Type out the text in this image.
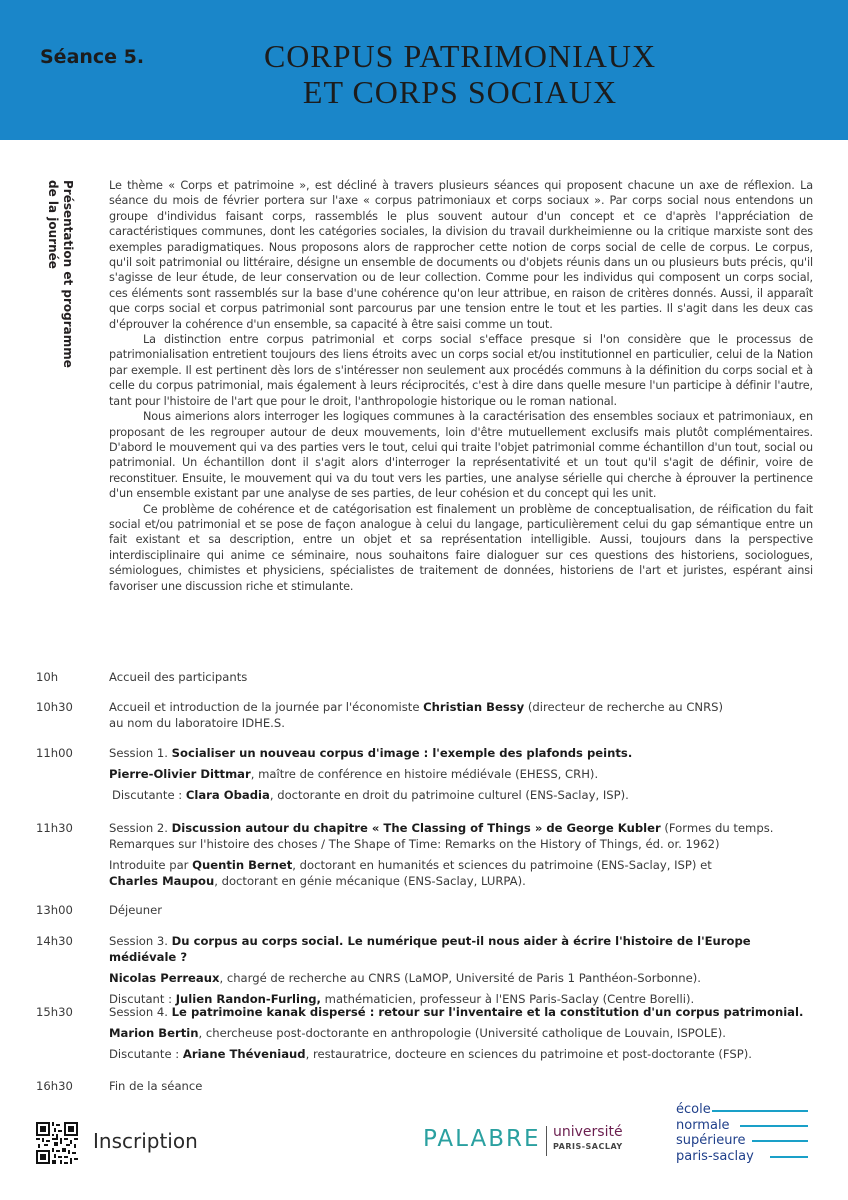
Séance 5.	CORPUS PATRIMONIAUX
ET CORPS SOCIAUX
Présentation et programme
de la journée	Le thème « Corps et patrimoine », est décliné à travers plusieurs séances qui proposent chacune un axe de réflexion. La séance du mois de février portera sur l'axe « corpus patrimoniaux et corps sociaux ». Par corps social nous entendons un groupe d'individus faisant corps, rassemblés le plus souvent autour d'un concept et ce d'après l'appréciation de caractéristiques communes, dont les catégories sociales, la division du travail durkheimienne ou la critique marxiste sont des exemples paradigmatiques. Nous proposons alors de rapprocher cette notion de corps social de celle de corpus. Le corpus, qu'il soit patrimonial ou littéraire, désigne un ensemble de documents ou d'objets réunis dans un ou plusieurs buts précis, qu'il s'agisse de leur étude, de leur conservation ou de leur collection. Comme pour les individus qui composent un corps social, ces éléments sont rassemblés sur la base d'une cohérence qu'on leur attribue, en raison de critères donnés. Aussi, il apparaît que corps social et corpus patrimonial sont parcourus par une tension entre le tout et les parties. Il s'agit dans les deux cas d'éprouver la cohérence d'un ensemble, sa capacité à être saisi comme un tout.

La distinction entre corpus patrimonial et corps social s'efface presque si l'on considère que le processus de patrimonialisation entretient toujours des liens étroits avec un corps social et/ou institutionnel en particulier, celui de la Nation par exemple. Il est pertinent dès lors de s'intéresser non seulement aux procédés communs à la définition du corps social et à celle du corpus patrimonial, mais également à leurs réciprocités, c'est à dire dans quelle mesure l'un participe à définir l'autre, tant pour l'histoire de l'art que pour le droit, l'anthropologie historique ou le roman national.

Nous aimerions alors interroger les logiques communes à la caractérisation des ensembles sociaux et patrimoniaux, en proposant de les regrouper autour de deux mouvements, loin d'être mutuellement exclusifs mais plutôt complémentaires. D'abord le mouvement qui va des parties vers le tout, celui qui traite l'objet patrimonial comme échantillon d'un tout, social ou patrimonial. Un échantillon dont il s'agit alors d'interroger la représentativité et un tout qu'il s'agit de définir, voire de reconstituer. Ensuite, le mouvement qui va du tout vers les parties, une analyse sérielle qui cherche à éprouver la pertinence d'un ensemble existant par une analyse de ses parties, de leur cohésion et du concept qui les unit.

Ce problème de cohérence et de catégorisation est finalement un problème de conceptualisation, de réification du fait social et/ou patrimonial et se pose de façon analogue à celui du langage, particulièrement celui du gap sémantique entre un fait existant et sa description, entre un objet et sa représentation intelligible. Aussi, toujours dans la perspective interdisciplinaire qui anime ce séminaire, nous souhaitons faire dialoguer sur ces questions des historiens, sociologues, sémiologues, chimistes et physiciens, spécialistes de traitement de données, historiens de l'art et juristes, espérant ainsi favoriser une discussion riche et stimulante.

10h	Accueil des participants
10h30	Accueil et introduction de la journée par l'économiste Christian Bessy (directeur de recherche au CNRS)
au nom du laboratoire IDHE.S.
11h00	Session 1. Socialiser un nouveau corpus d'image : l'exemple des plafonds peints.
Pierre-Olivier Dittmar, maître de conférence en histoire médiévale (EHESS, CRH).
Discutante : Clara Obadia, doctorante en droit du patrimoine culturel (ENS-Saclay, ISP).
11h30	Session 2. Discussion autour du chapitre « The Classing of Things » de George Kubler (Formes du temps.
Remarques sur l'histoire des choses / The Shape of Time: Remarks on the History of Things, éd. or. 1962)
Introduite par Quentin Bernet, doctorant en humanités et sciences du patrimoine (ENS-Saclay, ISP) et
Charles Maupou, doctorant en génie mécanique (ENS-Saclay, LURPA).
13h00	Déjeuner
14h30	Session 3. Du corpus au corps social. Le numérique peut-il nous aider à écrire l'histoire de l'Europe médiévale ?
Nicolas Perreaux, chargé de recherche au CNRS (LaMOP, Université de Paris 1 Panthéon-Sorbonne).
Discutant : Julien Randon-Furling, mathématicien, professeur à l'ENS Paris-Saclay (Centre Borelli).
15h30	Session 4. Le patrimoine kanak dispersé : retour sur l'inventaire et la constitution d'un corpus patrimonial.
Marion Bertin, chercheuse post-doctorante en anthropologie (Université catholique de Louvain, ISPOLE).
Discutante : Ariane Théveniaud, restauratrice, docteure en sciences du patrimoine et post-doctorante (FSP).
16h30	Fin de la séance
Inscription	PALABRE université
PARIS-SACLAY
école
normale
supérieure
paris-saclay
